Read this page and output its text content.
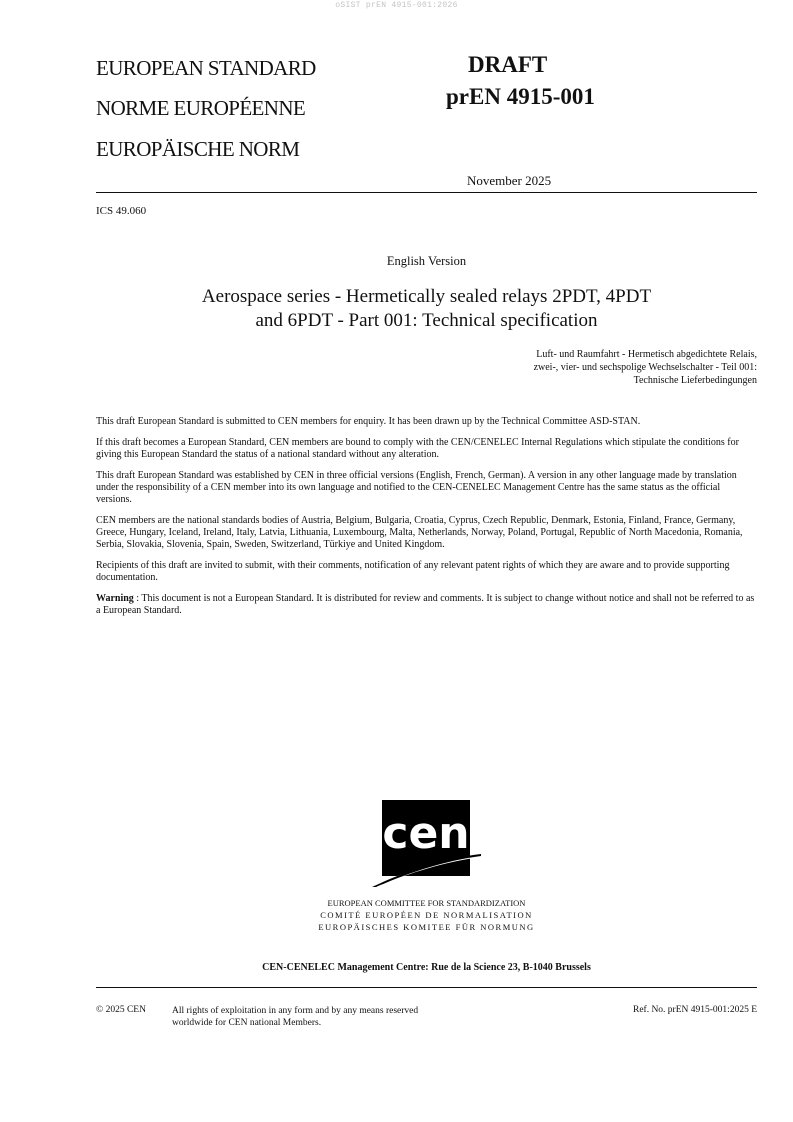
oSIST prEN 4915-001:2026
EUROPEAN STANDARD
NORME EUROPÉENNE
EUROPÄISCHE NORM
DRAFT
prEN 4915-001
November 2025
ICS 49.060
English Version
Aerospace series - Hermetically sealed relays 2PDT, 4PDT
and 6PDT - Part 001: Technical specification
Luft- und Raumfahrt - Hermetisch abgedichtete Relais,
zwei-, vier- und sechspolige Wechselschalter - Teil 001:
Technische Lieferbedingungen

This draft European Standard is submitted to CEN members for enquiry. It has been drawn up by the Technical Committee ASD-STAN.

If this draft becomes a European Standard, CEN members are bound to comply with the CEN/CENELEC Internal Regulations which stipulate the conditions for giving this European Standard the status of a national standard without any alteration.

This draft European Standard was established by CEN in three official versions (English, French, German). A version in any other language made by translation under the responsibility of a CEN member into its own language and notified to the CEN-CENELEC Management Centre has the same status as the official versions.

CEN members are the national standards bodies of Austria, Belgium, Bulgaria, Croatia, Cyprus, Czech Republic, Denmark, Estonia, Finland, France, Germany, Greece, Hungary, Iceland, Ireland, Italy, Latvia, Lithuania, Luxembourg, Malta, Netherlands, Norway, Poland, Portugal, Republic of North Macedonia, Romania, Serbia, Slovakia, Slovenia, Spain, Sweden, Switzerland, Türkiye and United Kingdom.

Recipients of this draft are invited to submit, with their comments, notification of any relevant patent rights of which they are aware and to provide supporting documentation.

Warning : This document is not a European Standard. It is distributed for review and comments. It is subject to change without notice and shall not be referred to as a European Standard.

cen
EUROPEAN COMMITTEE FOR STANDARDIZATION
COMITÉ EUROPÉEN DE NORMALISATION
EUROPÄISCHES KOMITEE FÜR NORMUNG
CEN-CENELEC Management Centre: Rue de la Science 23, B-1040 Brussels
© 2025 CEN	All rights of exploitation in any form and by any means reserved
worldwide for CEN national Members.
Ref. No. prEN 4915-001:2025 E
